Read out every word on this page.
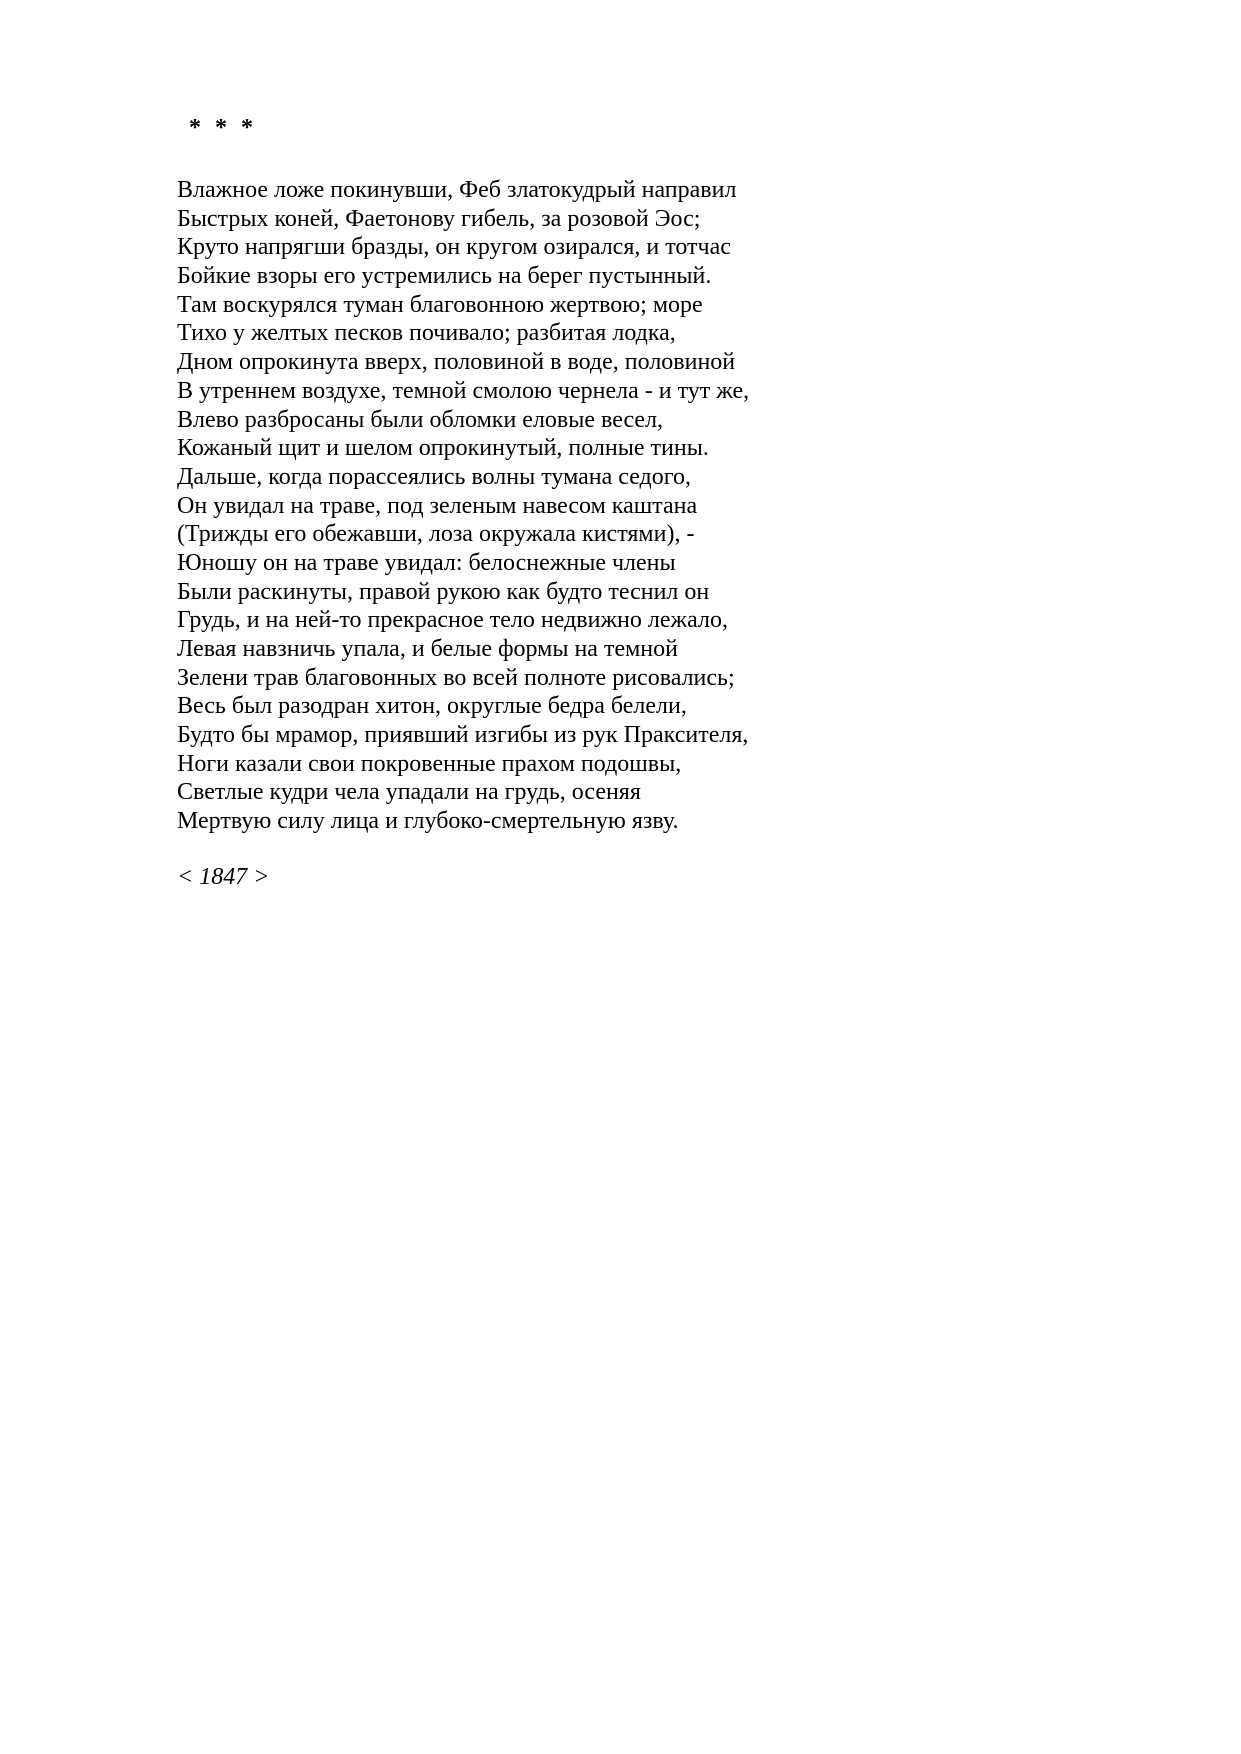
* * *
Влажное ложе покинувши, Феб златокудрый направил
Быстрых коней, Фаетонову гибель, за розовой Эос;
Круто напрягши бразды, он кругом озирался, и тотчас
Бойкие взоры его устремились на берег пустынный.
Там воскурялся туман благовонною жертвою; море
Тихо у желтых песков почивало; разбитая лодка,
Дном опрокинута вверх, половиной в воде, половиной
В утреннем воздухе, темной смолою чернела - и тут же,
Влево разбросаны были обломки еловые весел,
Кожаный щит и шелом опрокинутый, полные тины.
Дальше, когда порассеялись волны тумана седого,
Он увидал на траве, под зеленым навесом каштана
(Трижды его обежавши, лоза окружала кистями), -
Юношу он на траве увидал: белоснежные члены
Были раскинуты, правой рукою как будто теснил он
Грудь, и на ней-то прекрасное тело недвижно лежало,
Левая навзничь упала, и белые формы на темной
Зелени трав благовонных во всей полноте рисовались;
Весь был разодран хитон, округлые бедра белели,
Будто бы мрамор, приявший изгибы из рук Праксителя,
Ноги казали свои покровенные прахом подошвы,
Светлые кудри чела упадали на грудь, осеняя
Мертвую силу лица и глубоко-смертельную язву.
< 1847 >
